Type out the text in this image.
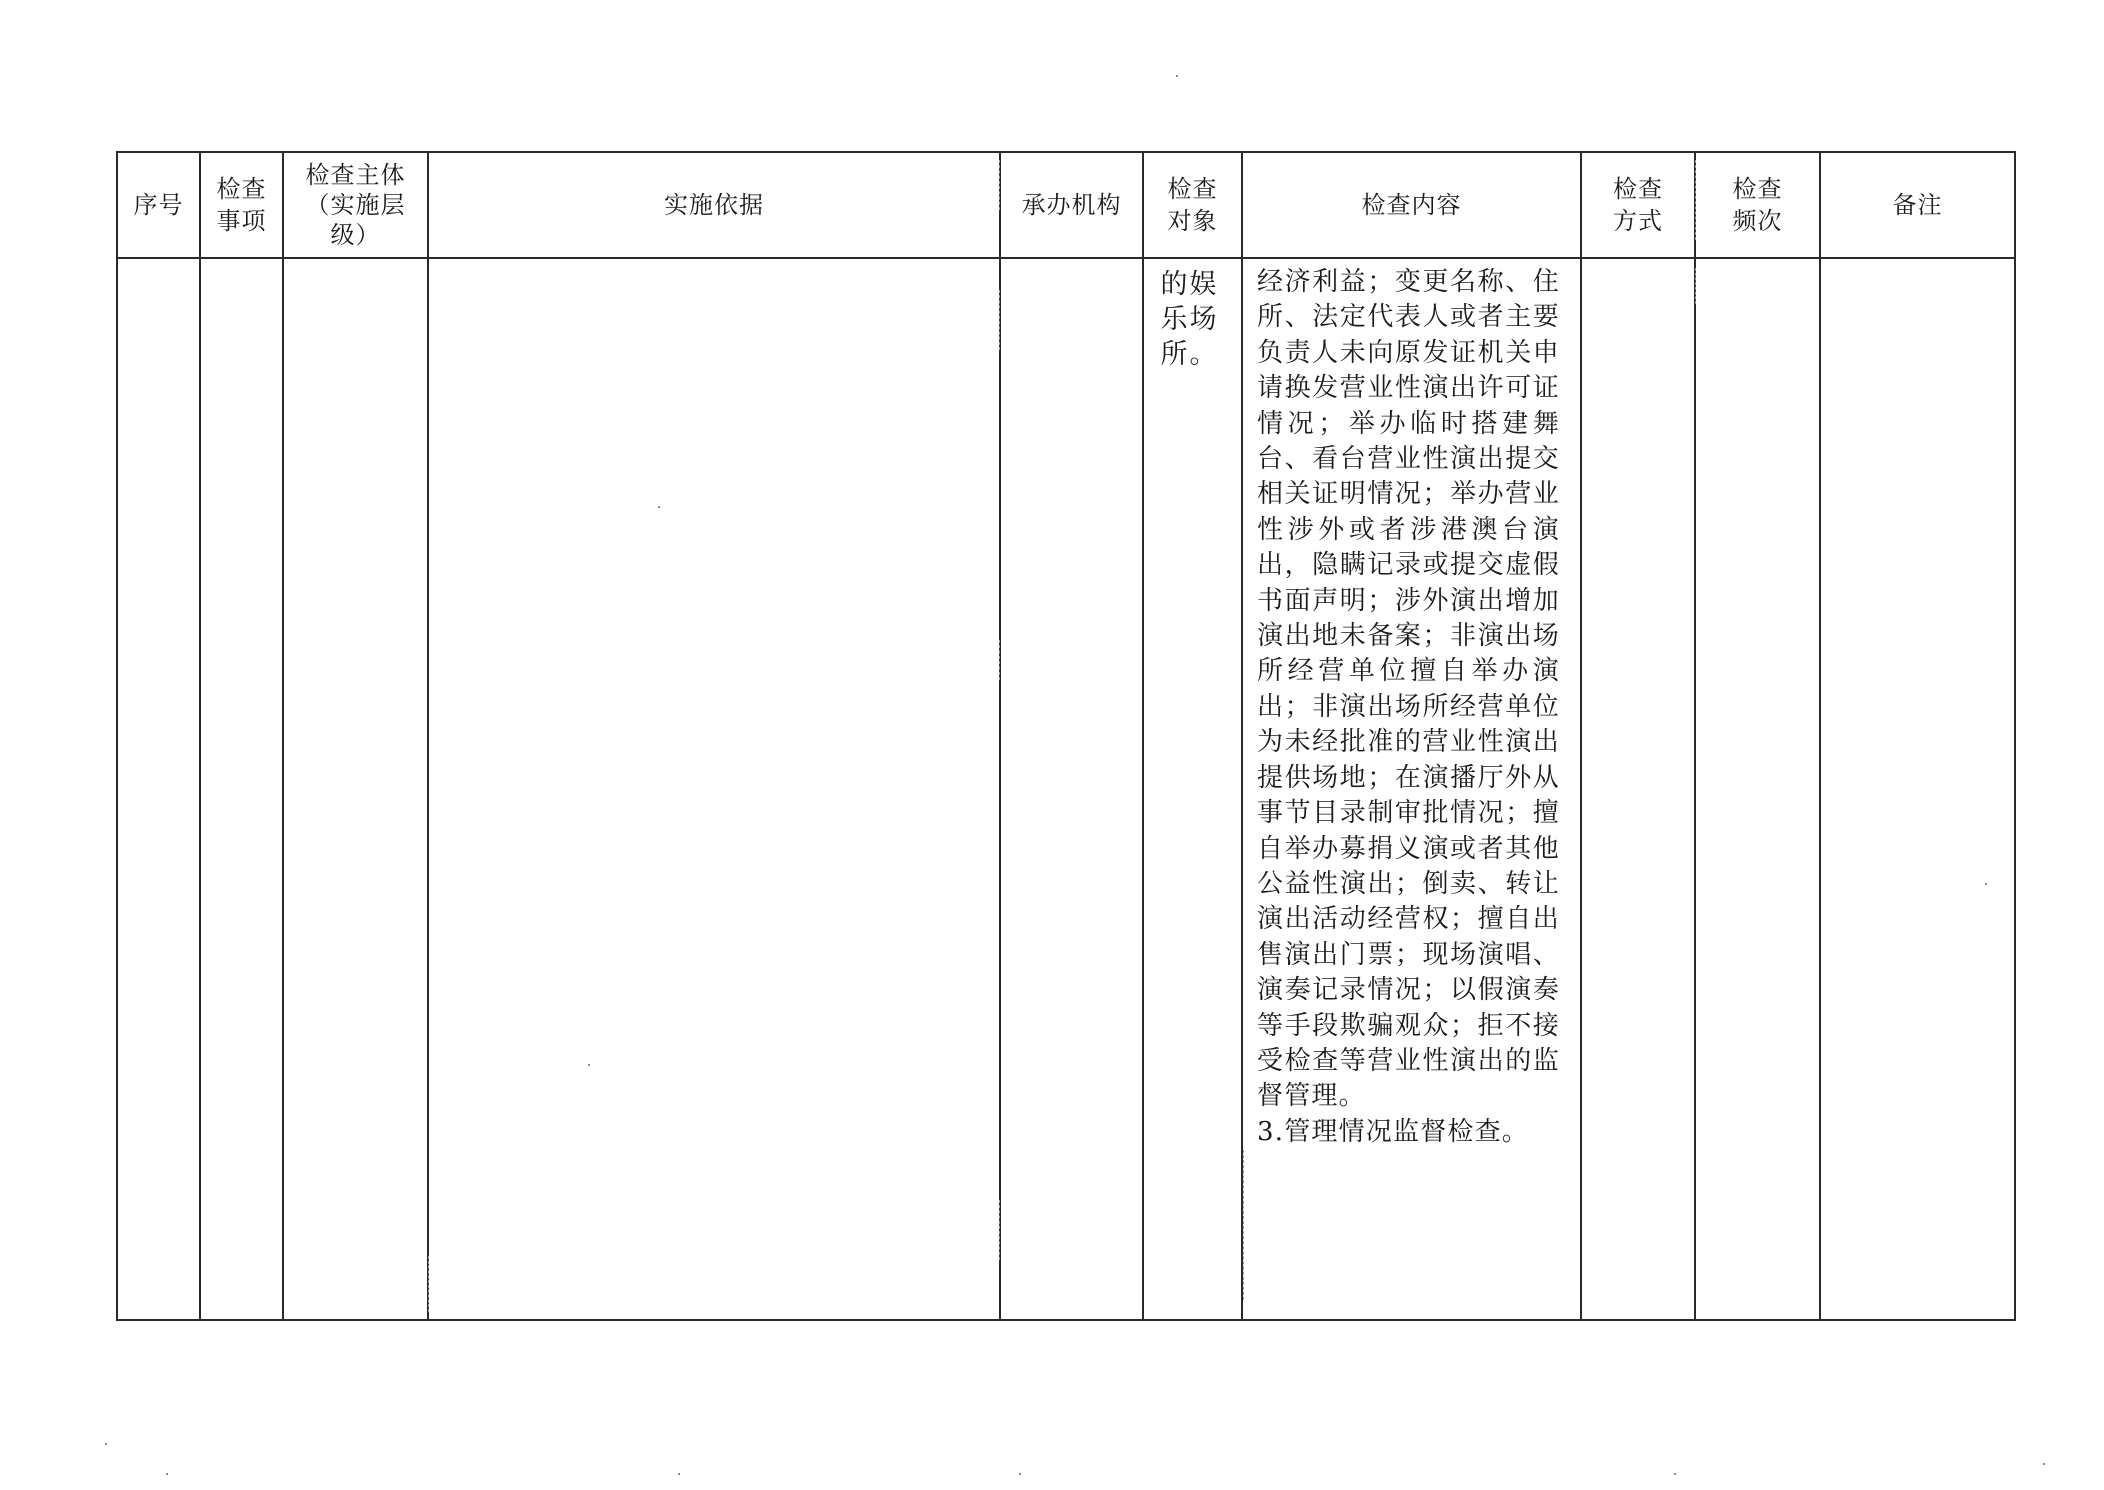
序号	检查事项	检查主体（实施层级）	实施依据	承办机构	检查对象	检查内容	检查方式	检查频次	备注

					的娱乐场所。	经济利益；变更名称、住所、法定代表人或者主要负责人未向原发证机关申请换发营业性演出许可证情况；举办临时搭建舞台、看台营业性演出提交相关证明情况；举办营业性涉外或者涉港澳台演出，隐瞒记录或提交虚假书面声明；涉外演出增加演出地未备案；非演出场所经营单位擅自举办演出；非演出场所经营单位为未经批准的营业性演出提供场地；在演播厅外从事节目录制审批情况；擅自举办募捐义演或者其他公益性演出；倒卖、转让演出活动经营权；擅自出售演出门票；现场演唱、演奏记录情况；以假演奏等手段欺骗观众；拒不接受检查等营业性演出的监督管理。

3.管理情况监督检查。			
